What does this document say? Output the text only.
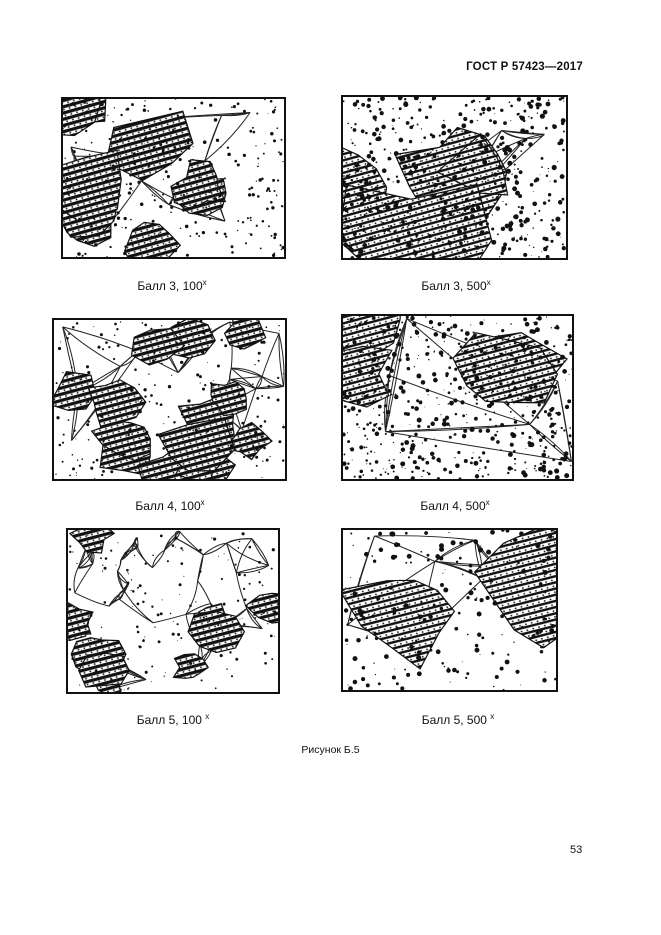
ГОСТ Р 57423—2017
Балл 3, 100$^x$	Балл 3, 500$^x$
Балл 4, 100$^x$	Балл 4, 500$^x$
Балл 5, 100 $^x$	Балл 5, 500 $^x$
Рисунок Б.5
53
